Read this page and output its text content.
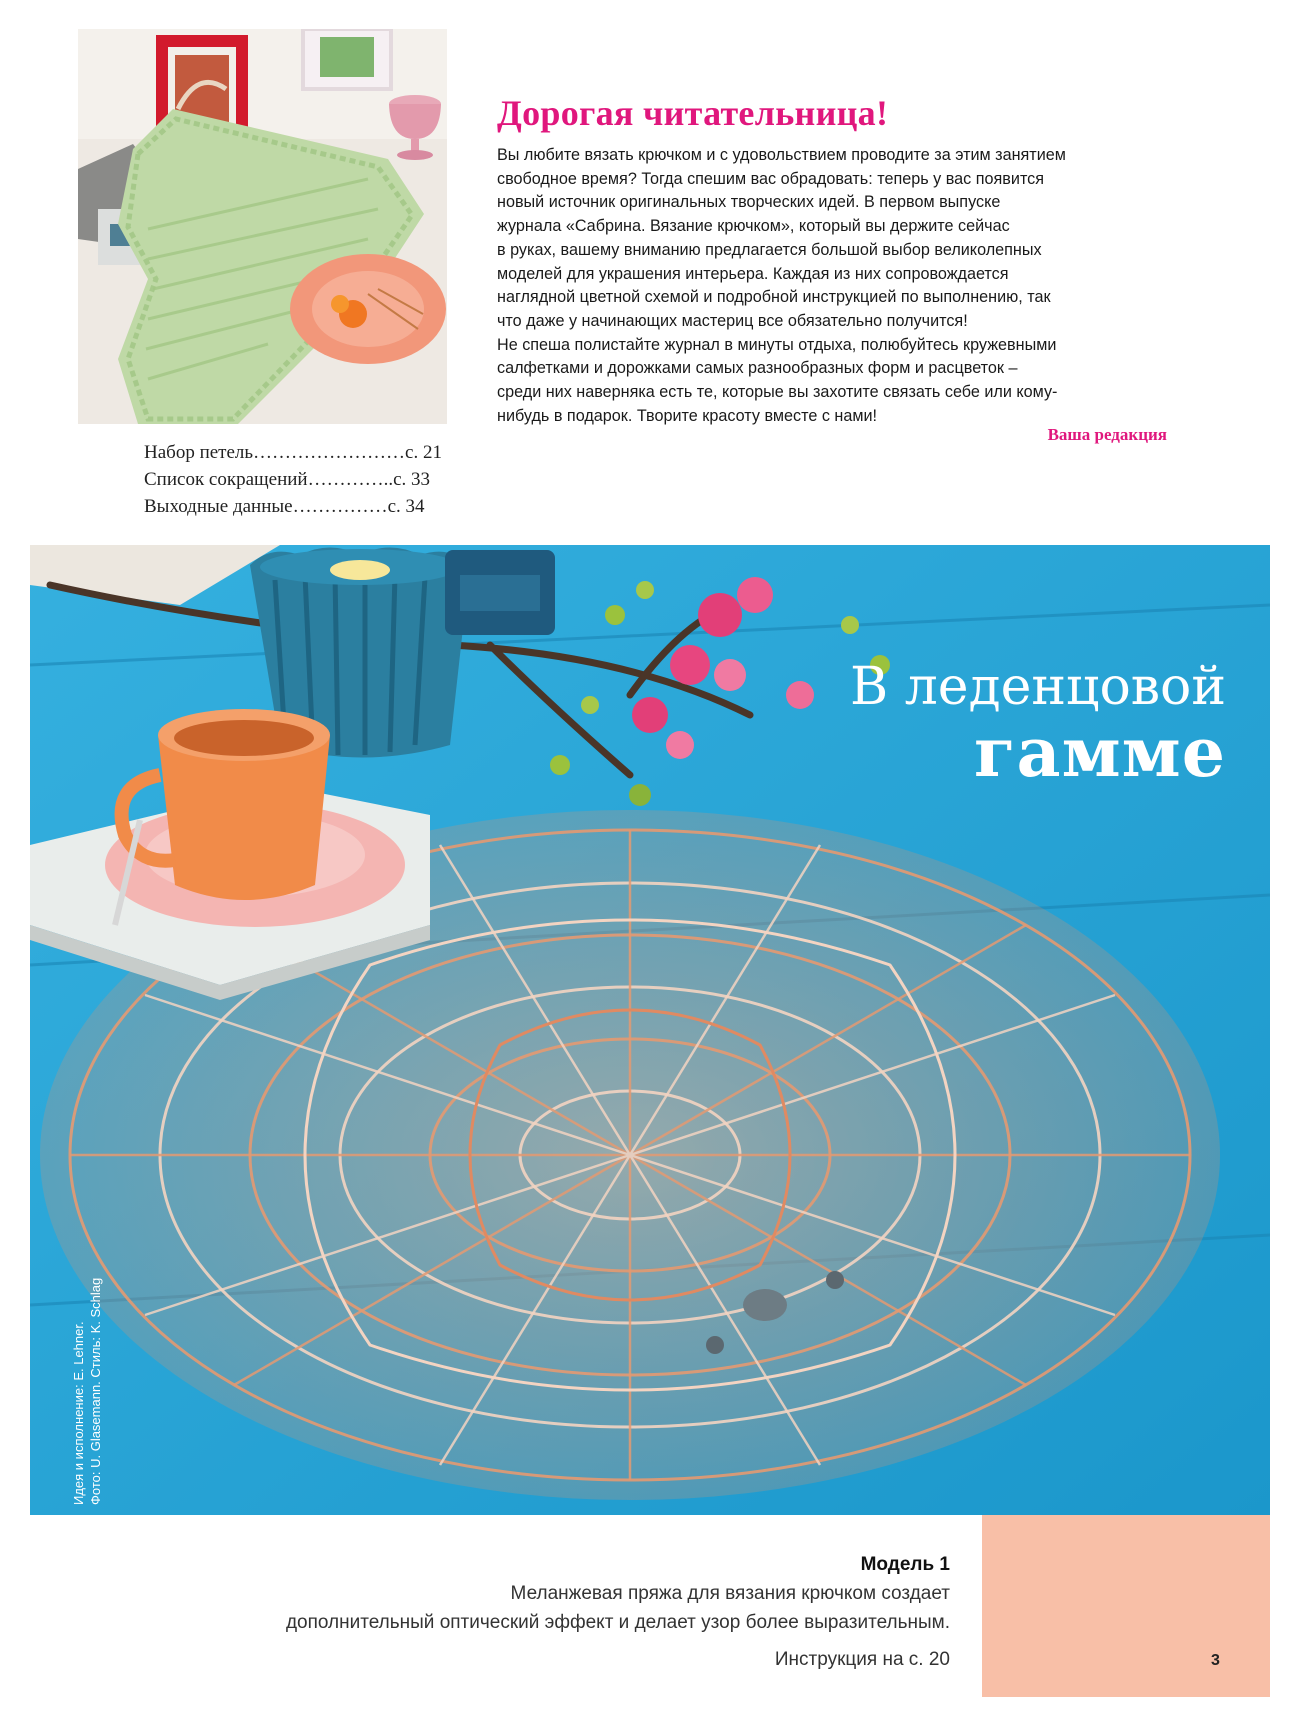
Дорогая читательница!
Вы любите вязать крючком и с удовольствием проводите за этим занятием
свободное время? Тогда спешим вас обрадовать: теперь у вас появится
новый источник оригинальных творческих идей. В первом выпуске
журнала «Сабрина. Вязание крючком», который вы держите сейчас
в руках, вашему вниманию предлагается большой выбор великолепных
моделей для украшения интерьера. Каждая из них сопровождается
наглядной цветной схемой и подробной инструкцией по выполнению, так
что даже у начинающих мастериц все обязательно получится!
Не спеша полистайте журнал в минуты отдыха, полюбуйтесь кружевными
салфетками и дорожками самых разнообразных форм и расцветок –
среди них наверняка есть те, которые вы захотите связать себе или кому-
нибудь в подарок. Творите красоту вместе с нами!
Ваша редакция
Набор петель……………………с. 21
Список сокращений…………..с. 33
Выходные данные……………с. 34
В леденцовой
гамме
Идея и исполнение: E. Lehner. Фото: U. Glasemann. Стиль: K. Schlag
Модель 1
Меланжевая пряжа для вязания крючком создает
дополнительный оптический эффект и делает узор более выразительным.
Инструкция на с. 20	3
